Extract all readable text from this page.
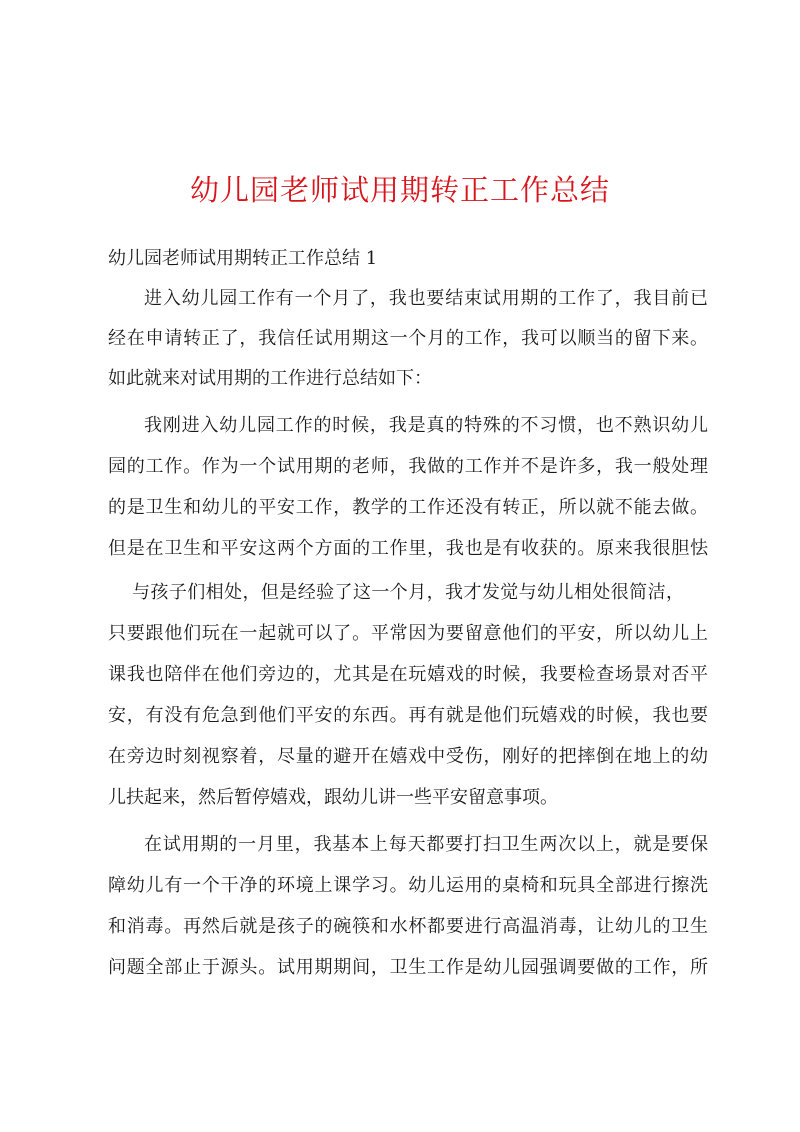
幼儿园老师试用期转正工作总结
幼儿园老师试用期转正工作总结 1
进入幼儿园工作有一个月了，我也要结束试用期的工作了，我目前已
经在申请转正了，我信任试用期这一个月的工作，我可以顺当的留下来。
如此就来对试用期的工作进行总结如下：
我刚进入幼儿园工作的时候，我是真的特殊的不习惯，也不熟识幼儿
园的工作。作为一个试用期的老师，我做的工作并不是许多，我一般处理
的是卫生和幼儿的平安工作，教学的工作还没有转正，所以就不能去做。
但是在卫生和平安这两个方面的工作里，我也是有收获的。原来我很胆怯
与孩子们相处，但是经验了这一个月，我才发觉与幼儿相处很简洁，
只要跟他们玩在一起就可以了。平常因为要留意他们的平安，所以幼儿上
课我也陪伴在他们旁边的，尤其是在玩嬉戏的时候，我要检查场景对否平
安，有没有危急到他们平安的东西。再有就是他们玩嬉戏的时候，我也要
在旁边时刻视察着，尽量的避开在嬉戏中受伤，刚好的把摔倒在地上的幼
儿扶起来，然后暂停嬉戏，跟幼儿讲一些平安留意事项。
在试用期的一月里，我基本上每天都要打扫卫生两次以上，就是要保
障幼儿有一个干净的环境上课学习。幼儿运用的桌椅和玩具全部进行擦洗
和消毒。再然后就是孩子的碗筷和水杯都要进行高温消毒，让幼儿的卫生
问题全部止于源头。试用期期间，卫生工作是幼儿园强调要做的工作，所
